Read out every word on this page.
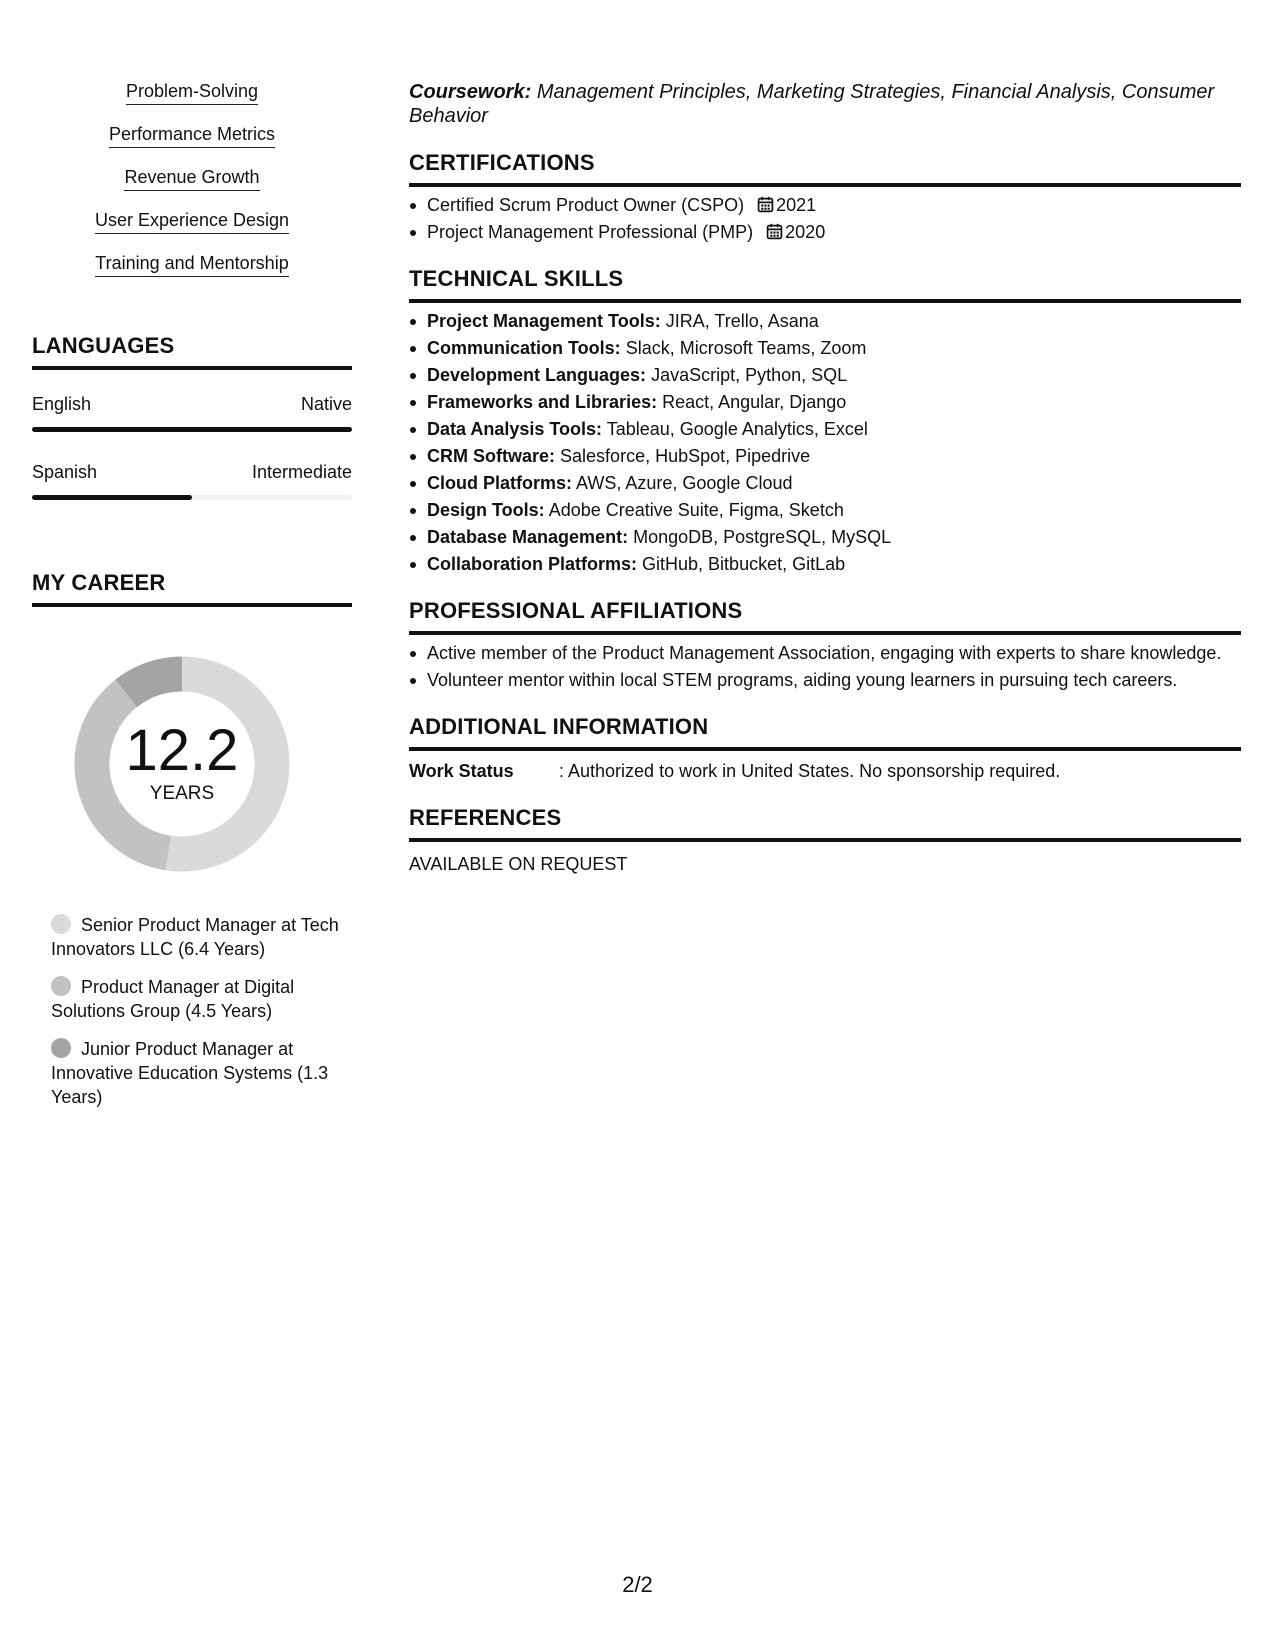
Problem-Solving
Performance Metrics
Revenue Growth
User Experience Design
Training and Mentorship
LANGUAGES
English	Native
Spanish	Intermediate
MY CAREER
12.2
YEARS
Senior Product Manager at Tech Innovators LLC (6.4 Years)
Product Manager at Digital Solutions Group (4.5 Years)
Junior Product Manager at Innovative Education Systems (1.3 Years)
Coursework: Management Principles, Marketing Strategies, Financial Analysis, Consumer Behavior
CERTIFICATIONS
Certified Scrum Product Owner (CSPO) 2021
Project Management Professional (PMP) 2020
TECHNICAL SKILLS
Project Management Tools: JIRA, Trello, Asana
Communication Tools: Slack, Microsoft Teams, Zoom
Development Languages: JavaScript, Python, SQL
Frameworks and Libraries: React, Angular, Django
Data Analysis Tools: Tableau, Google Analytics, Excel
CRM Software: Salesforce, HubSpot, Pipedrive
Cloud Platforms: AWS, Azure, Google Cloud
Design Tools: Adobe Creative Suite, Figma, Sketch
Database Management: MongoDB, PostgreSQL, MySQL
Collaboration Platforms: GitHub, Bitbucket, GitLab
PROFESSIONAL AFFILIATIONS
Active member of the Product Management Association, engaging with experts to share knowledge.
Volunteer mentor within local STEM programs, aiding young learners in pursuing tech careers.
ADDITIONAL INFORMATION
Work Status	: Authorized to work in United States. No sponsorship required.
REFERENCES
AVAILABLE ON REQUEST
2/2
